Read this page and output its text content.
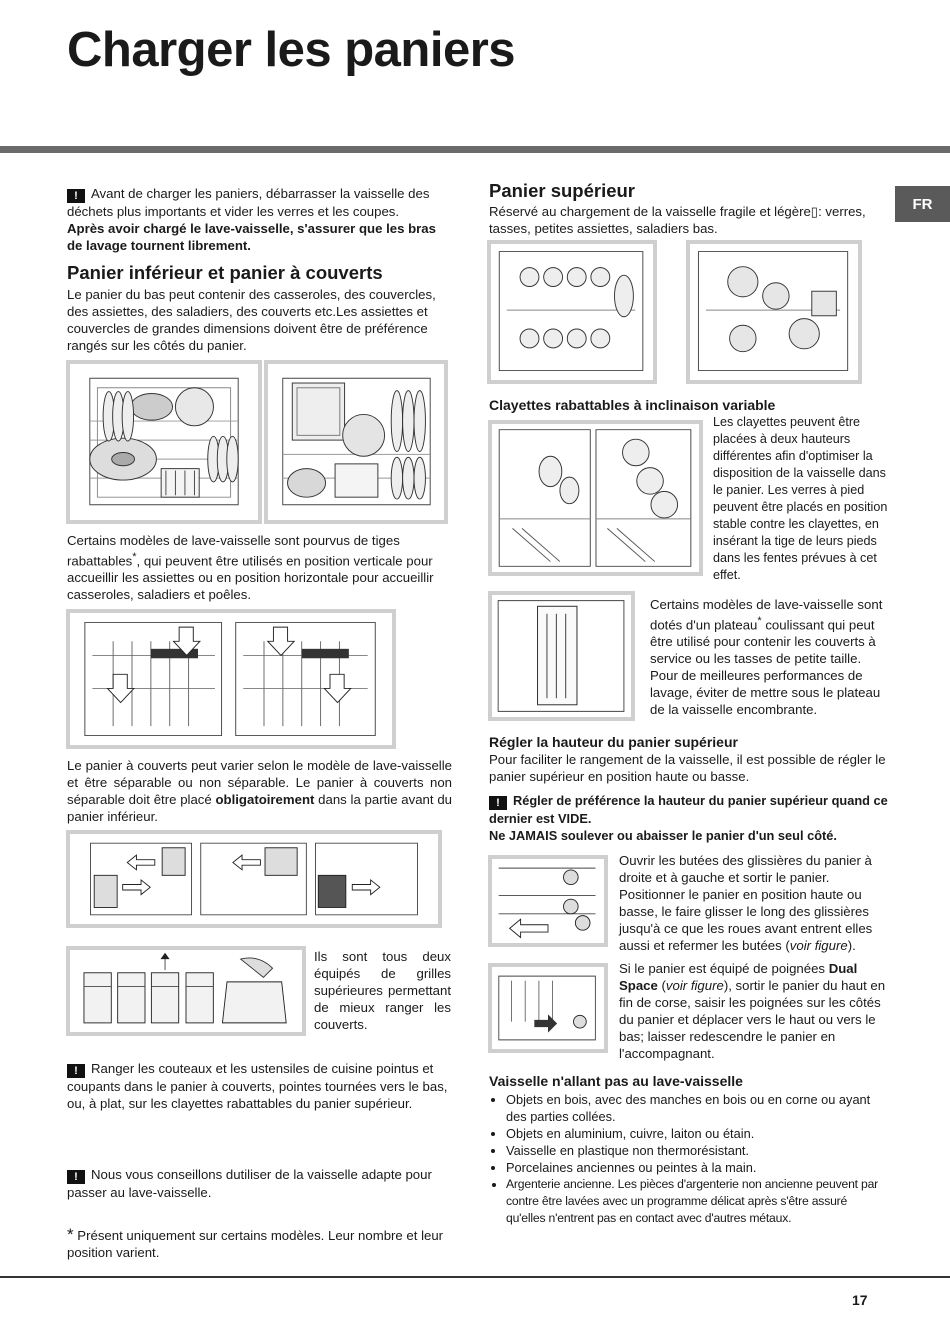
Charger les paniers
FR

! Avant de charger les paniers, débarrasser la vaisselle des déchets plus importants et vider les verres et les coupes.

Après avoir chargé le lave-vaisselle, s'assurer que les bras de lavage tournent librement.

Panier inférieur et panier à couverts

Le panier du bas peut contenir des casseroles, des couvercles, des assiettes, des saladiers, des couverts etc.Les assiettes et couvercles de grandes dimensions doivent être de préférence rangés sur les côtés du panier.

Certains modèles de lave-vaisselle sont pourvus de tiges rabattables*, qui peuvent être utilisés en position verticale pour accueillir les assiettes ou en position horizontale pour accueillir casseroles, saladiers et poêles.

Le panier à couverts peut varier selon le modèle de lave-vaisselle et être séparable ou non séparable. Le panier à couverts non séparable doit être placé obligatoirement dans la partie avant du panier inférieur.

Ils sont tous deux équipés de grilles supérieures permettant de mieux ranger les couverts.

! Ranger les couteaux et les ustensiles de cuisine pointus et coupants dans le panier à couverts, pointes tournées vers le bas, ou, à plat, sur les clayettes rabattables du panier supérieur.

! Nous vous conseillons dutiliser de la vaisselle adapte pour passer au lave-vaisselle.

* Présent uniquement sur certains modèles. Leur nombre et leur position varient.

Panier supérieur

Réservé au chargement de la vaisselle fragile et légère▯: verres, tasses, petites assiettes, saladiers bas.

Clayettes rabattables à inclinaison variable

Les clayettes peuvent être placées à deux hauteurs différentes afin d'optimiser la disposition de la vaisselle dans le panier. Les verres à pied peuvent être placés en position stable contre les clayettes, en insérant la tige de leurs pieds dans les fentes prévues à cet effet.

Certains modèles de lave-vaisselle sont dotés d'un plateau* coulissant qui peut être utilisé pour contenir les couverts à service ou les tasses de petite taille. Pour de meilleures performances de lavage, éviter de mettre sous le plateau de la vaisselle encombrante.

Régler la hauteur du panier supérieur

Pour faciliter le rangement de la vaisselle, il est possible de régler le panier supérieur en position haute ou basse.

! Régler de préférence la hauteur du panier supérieur quand ce dernier est VIDE.

Ne JAMAIS soulever ou abaisser le panier d'un seul côté.

Ouvrir les butées des glissières du panier à droite et à gauche et sortir le panier. Positionner le panier en position haute ou basse, le faire glisser le long des glissières jusqu'à ce que les roues avant entrent elles aussi et refermer les butées (voir figure).

Si le panier est équipé de poignées Dual Space (voir figure), sortir le panier du haut en fin de corse, saisir les poignées sur les côtés du panier et déplacer vers le haut ou vers le bas; laisser redescendre le panier en l'accompagnant.

Vaisselle n'allant pas au lave-vaisselle

• Objets en bois, avec des manches en bois ou en corne ou ayant des parties collées.
• Objets en aluminium, cuivre, laiton ou étain.
• Vaisselle en plastique non thermorésistant.
• Porcelaines anciennes ou peintes à la main.
• Argenterie ancienne. Les pièces d'argenterie non ancienne peuvent par contre être lavées avec un programme délicat après s'être assuré qu'elles n'entrent pas en contact avec d'autres métaux.
17
